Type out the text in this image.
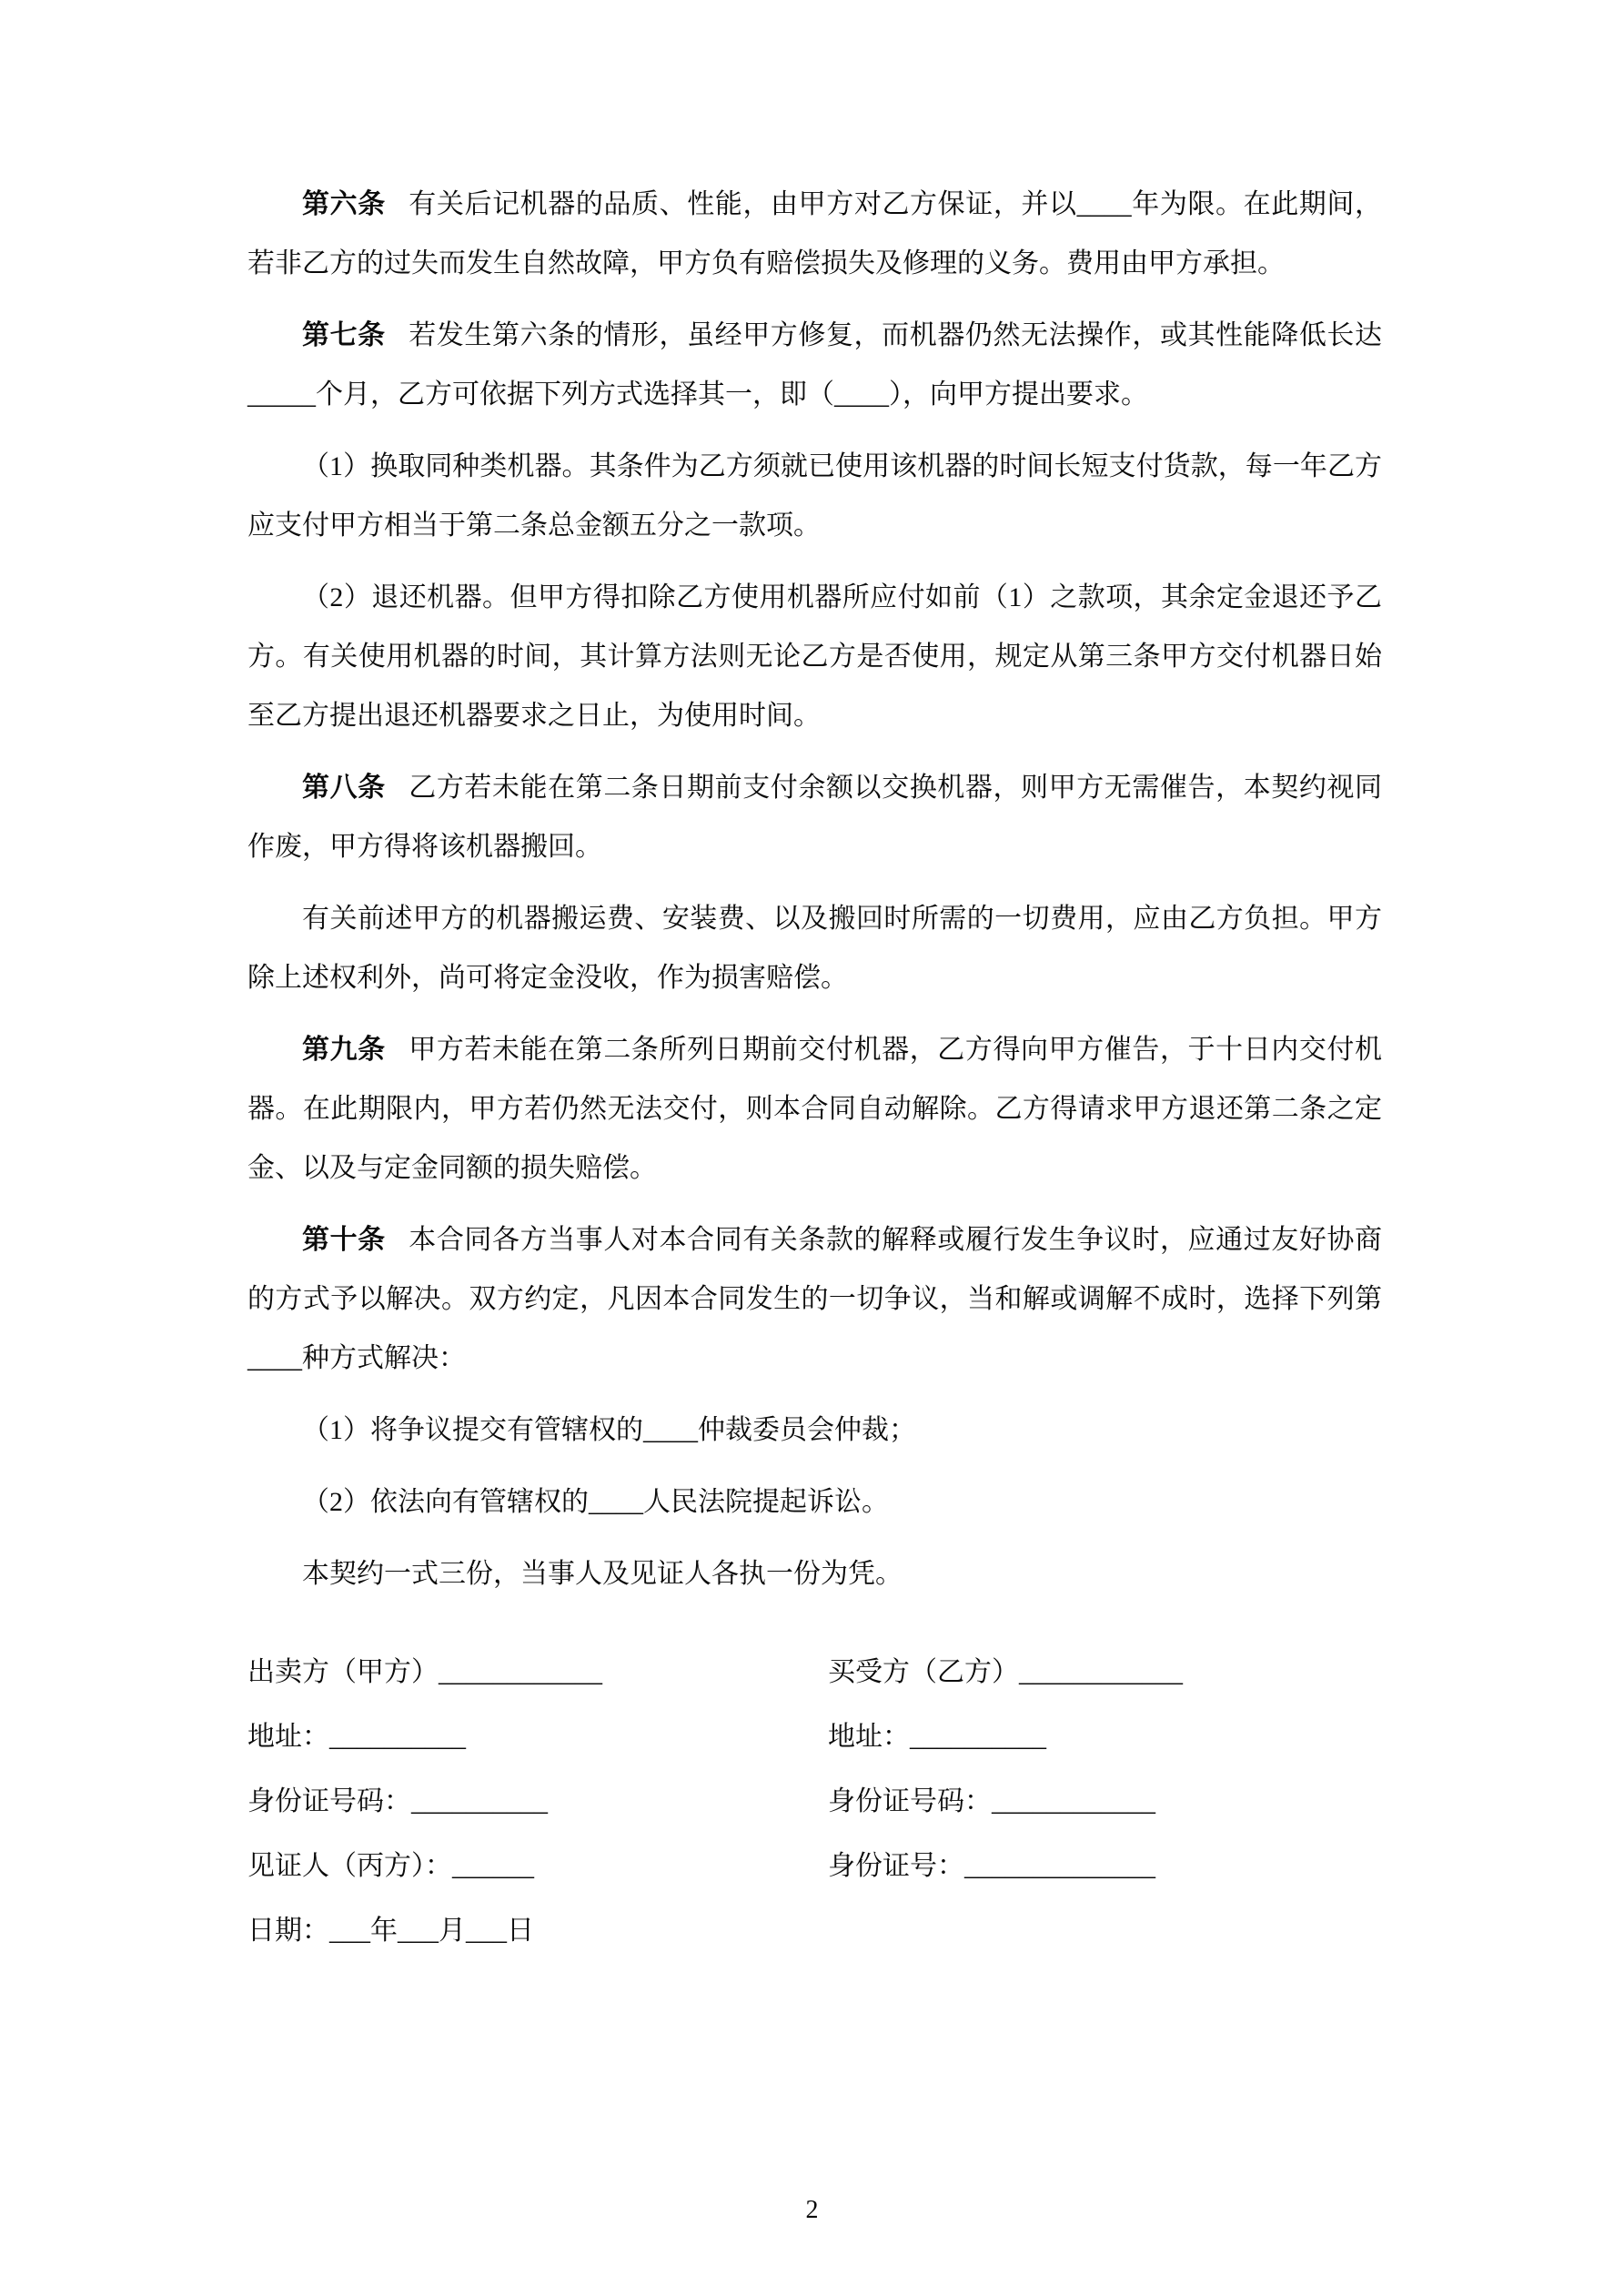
第六条 有关后记机器的品质、性能，由甲方对乙方保证，并以____年为限。在此期间，若非乙方的过失而发生自然故障，甲方负有赔偿损失及修理的义务。费用由甲方承担。

第七条 若发生第六条的情形，虽经甲方修复，而机器仍然无法操作，或其性能降低长达_____个月，乙方可依据下列方式选择其一，即（____），向甲方提出要求。

（1）换取同种类机器。其条件为乙方须就已使用该机器的时间长短支付货款，每一年乙方应支付甲方相当于第二条总金额五分之一款项。

（2）退还机器。但甲方得扣除乙方使用机器所应付如前（1）之款项，其余定金退还予乙方。有关使用机器的时间，其计算方法则无论乙方是否使用，规定从第三条甲方交付机器日始至乙方提出退还机器要求之日止，为使用时间。

第八条 乙方若未能在第二条日期前支付余额以交换机器，则甲方无需催告，本契约视同作废，甲方得将该机器搬回。

有关前述甲方的机器搬运费、安装费、以及搬回时所需的一切费用，应由乙方负担。甲方除上述权利外，尚可将定金没收，作为损害赔偿。

第九条 甲方若未能在第二条所列日期前交付机器，乙方得向甲方催告，于十日内交付机器。在此期限内，甲方若仍然无法交付，则本合同自动解除。乙方得请求甲方退还第二条之定金、以及与定金同额的损失赔偿。

第十条 本合同各方当事人对本合同有关条款的解释或履行发生争议时，应通过友好协商的方式予以解决。双方约定，凡因本合同发生的一切争议，当和解或调解不成时，选择下列第____种方式解决：

（1）将争议提交有管辖权的____仲裁委员会仲裁；

（2）依法向有管辖权的____人民法院提起诉讼。

本契约一式三份，当事人及见证人各执一份为凭。

出卖方（甲方）____________	买受方（乙方）____________
地址：__________	地址：__________
身份证号码：__________	身份证号码：____________
见证人（丙方）：______	身份证号：______________
日期：___年___月___日
2
